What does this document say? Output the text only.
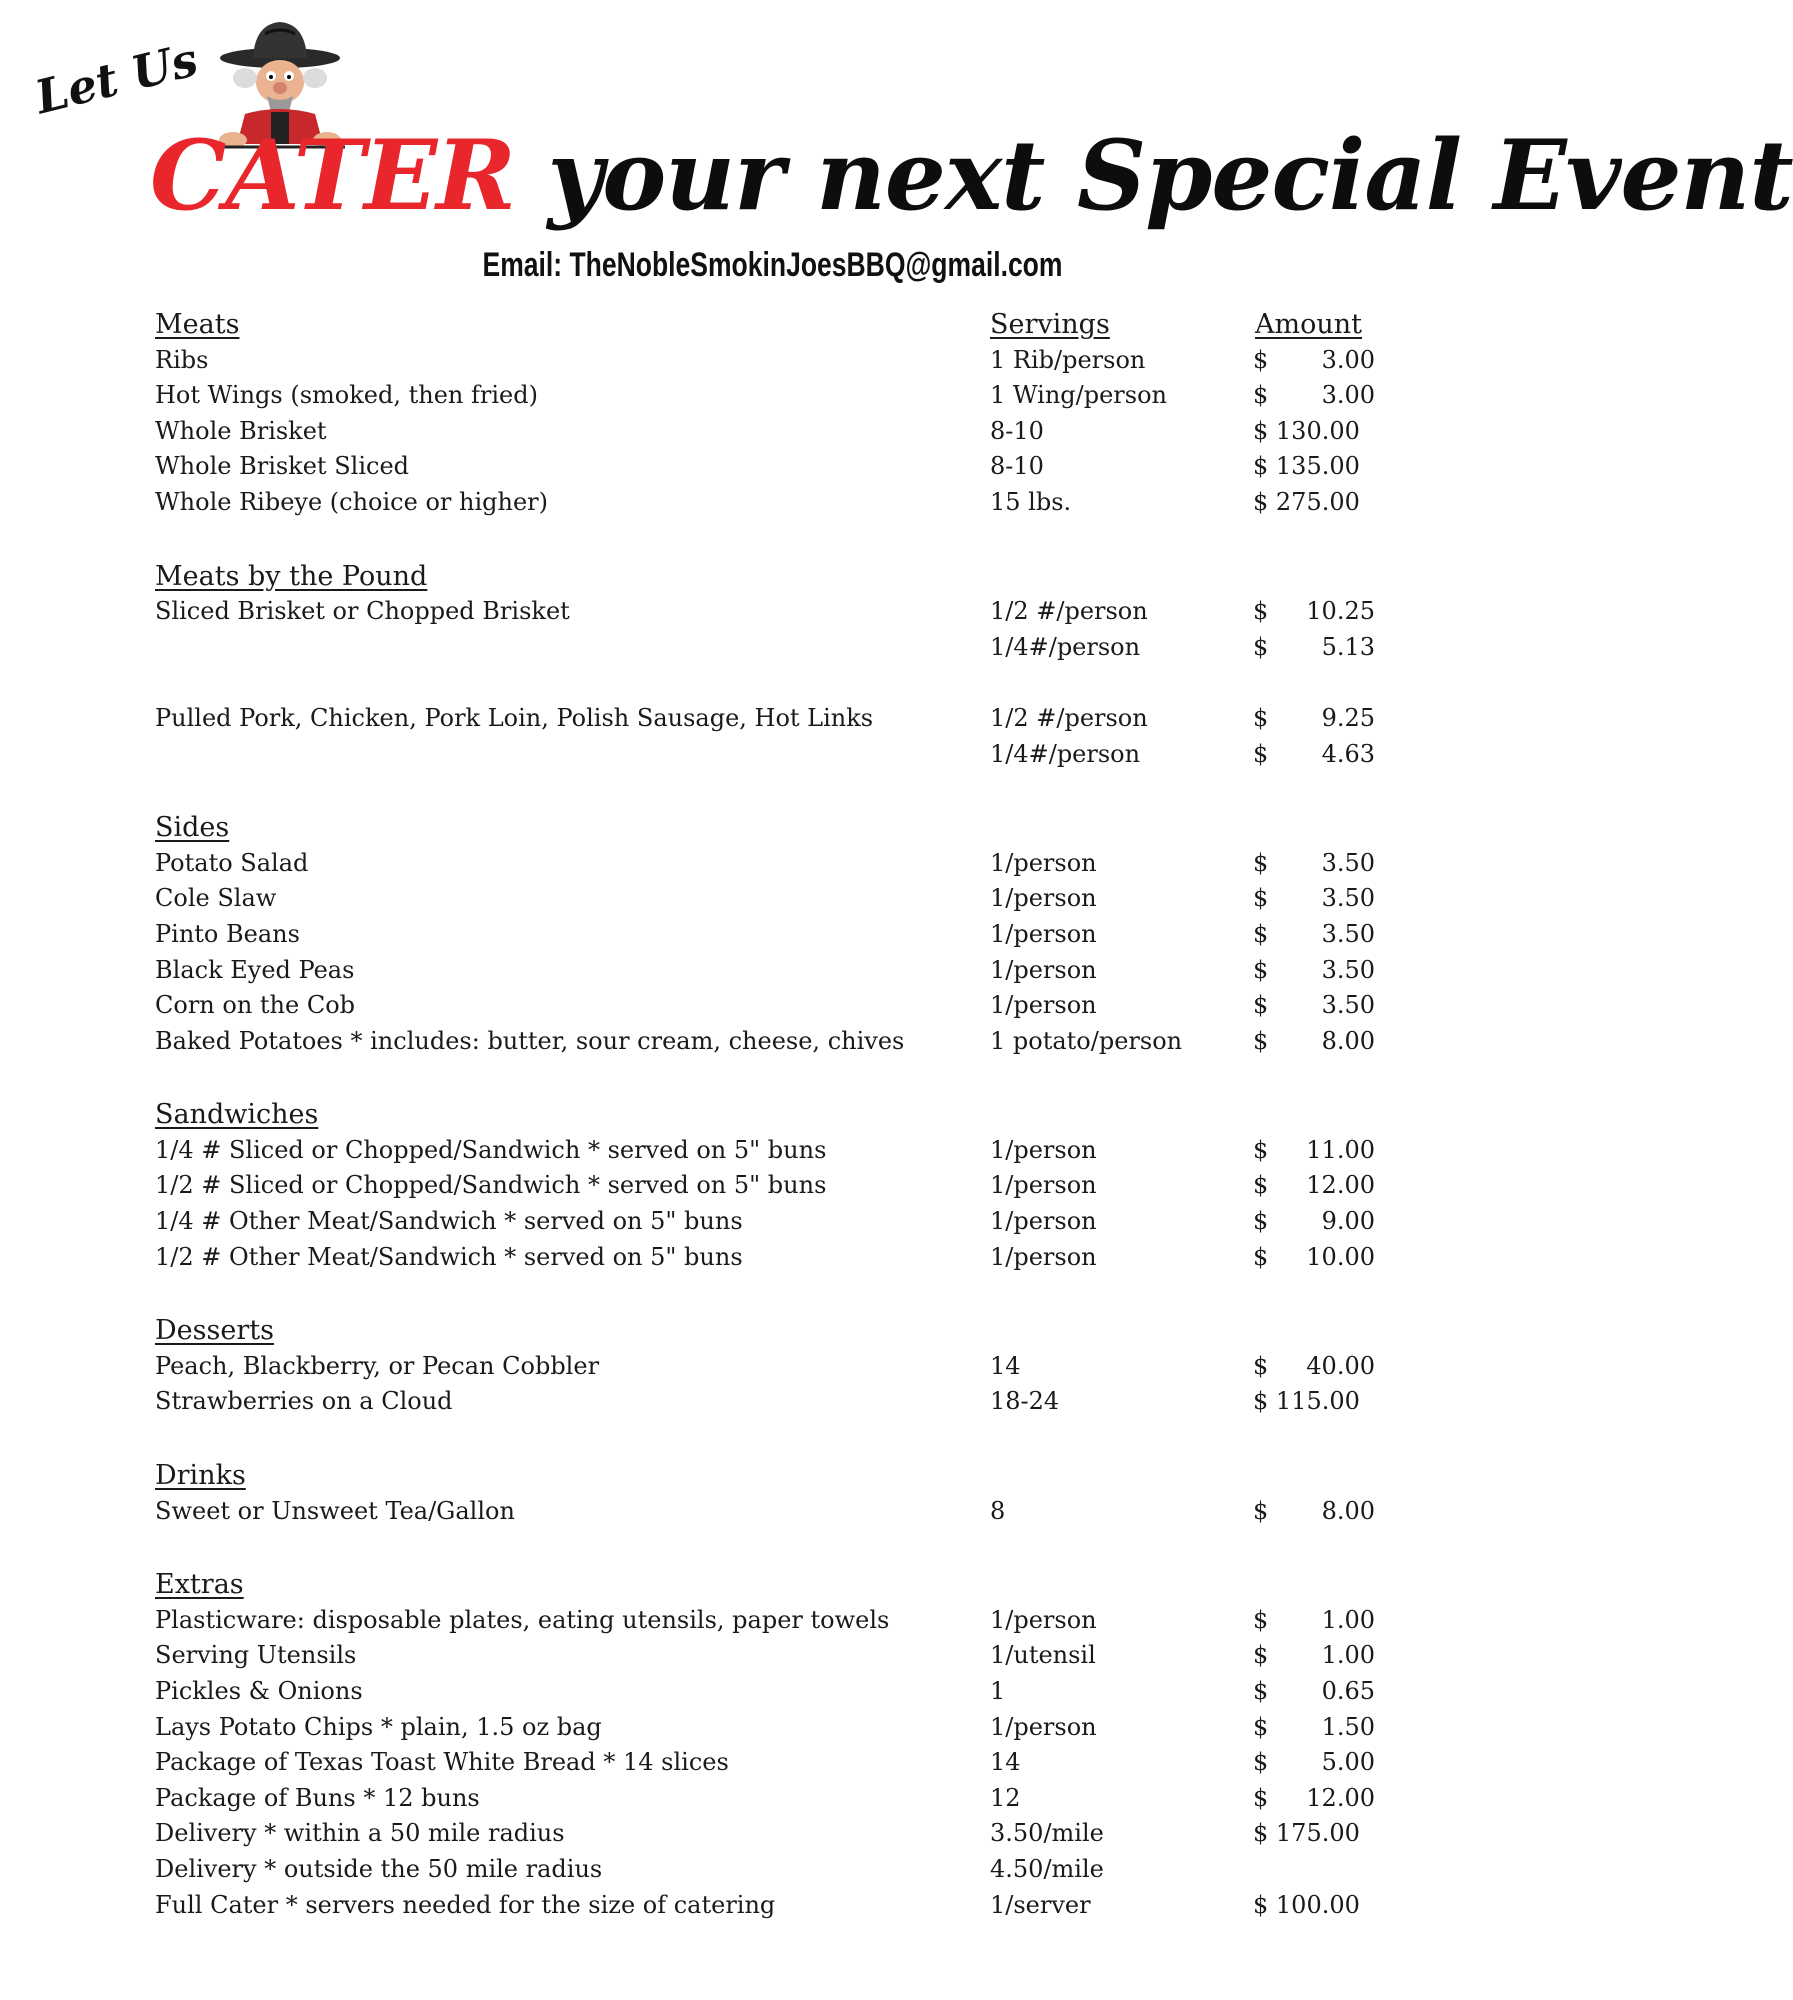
Let Us
CATER your next Special Event
Email: TheNobleSmokinJoesBBQ@gmail.com
Meats	Servings	Amount
Ribs	1 Rib/person	$	3.00
Hot Wings (smoked, then fried)	1 Wing/person	$	3.00
Whole Brisket	8-10	$ 130.00
Whole Brisket Sliced	8-10	$ 135.00
Whole Ribeye (choice or higher)	15 lbs.	$ 275.00
Meats by the Pound
Sliced Brisket or Chopped Brisket	1/2 #/person	$	10.25
1/4#/person	$	5.13
Pulled Pork, Chicken, Pork Loin, Polish Sausage, Hot Links	1/2 #/person	$	9.25
1/4#/person	$	4.63
Sides
Potato Salad	1/person	$	3.50
Cole Slaw	1/person	$	3.50
Pinto Beans	1/person	$	3.50
Black Eyed Peas	1/person	$	3.50
Corn on the Cob	1/person	$	3.50
Baked Potatoes * includes: butter, sour cream, cheese, chives	1 potato/person	$	8.00
Sandwiches
1/4 # Sliced or Chopped/Sandwich * served on 5" buns	1/person	$	11.00
1/2 # Sliced or Chopped/Sandwich * served on 5" buns	1/person	$	12.00
1/4 # Other Meat/Sandwich * served on 5" buns	1/person	$	9.00
1/2 # Other Meat/Sandwich * served on 5" buns	1/person	$	10.00
Desserts
Peach, Blackberry, or Pecan Cobbler	14	$	40.00
Strawberries on a Cloud	18-24	$ 115.00
Drinks
Sweet or Unsweet Tea/Gallon	8	$	8.00
Extras
Plasticware: disposable plates, eating utensils, paper towels	1/person	$	1.00
Serving Utensils	1/utensil	$	1.00
Pickles & Onions	1	$	0.65
Lays Potato Chips * plain, 1.5 oz bag	1/person	$	1.50
Package of Texas Toast White Bread * 14 slices	14	$	5.00
Package of Buns * 12 buns	12	$	12.00
Delivery * within a 50 mile radius	3.50/mile	$ 175.00
Delivery * outside the 50 mile radius	4.50/mile
Full Cater * servers needed for the size of catering	1/server	$ 100.00
